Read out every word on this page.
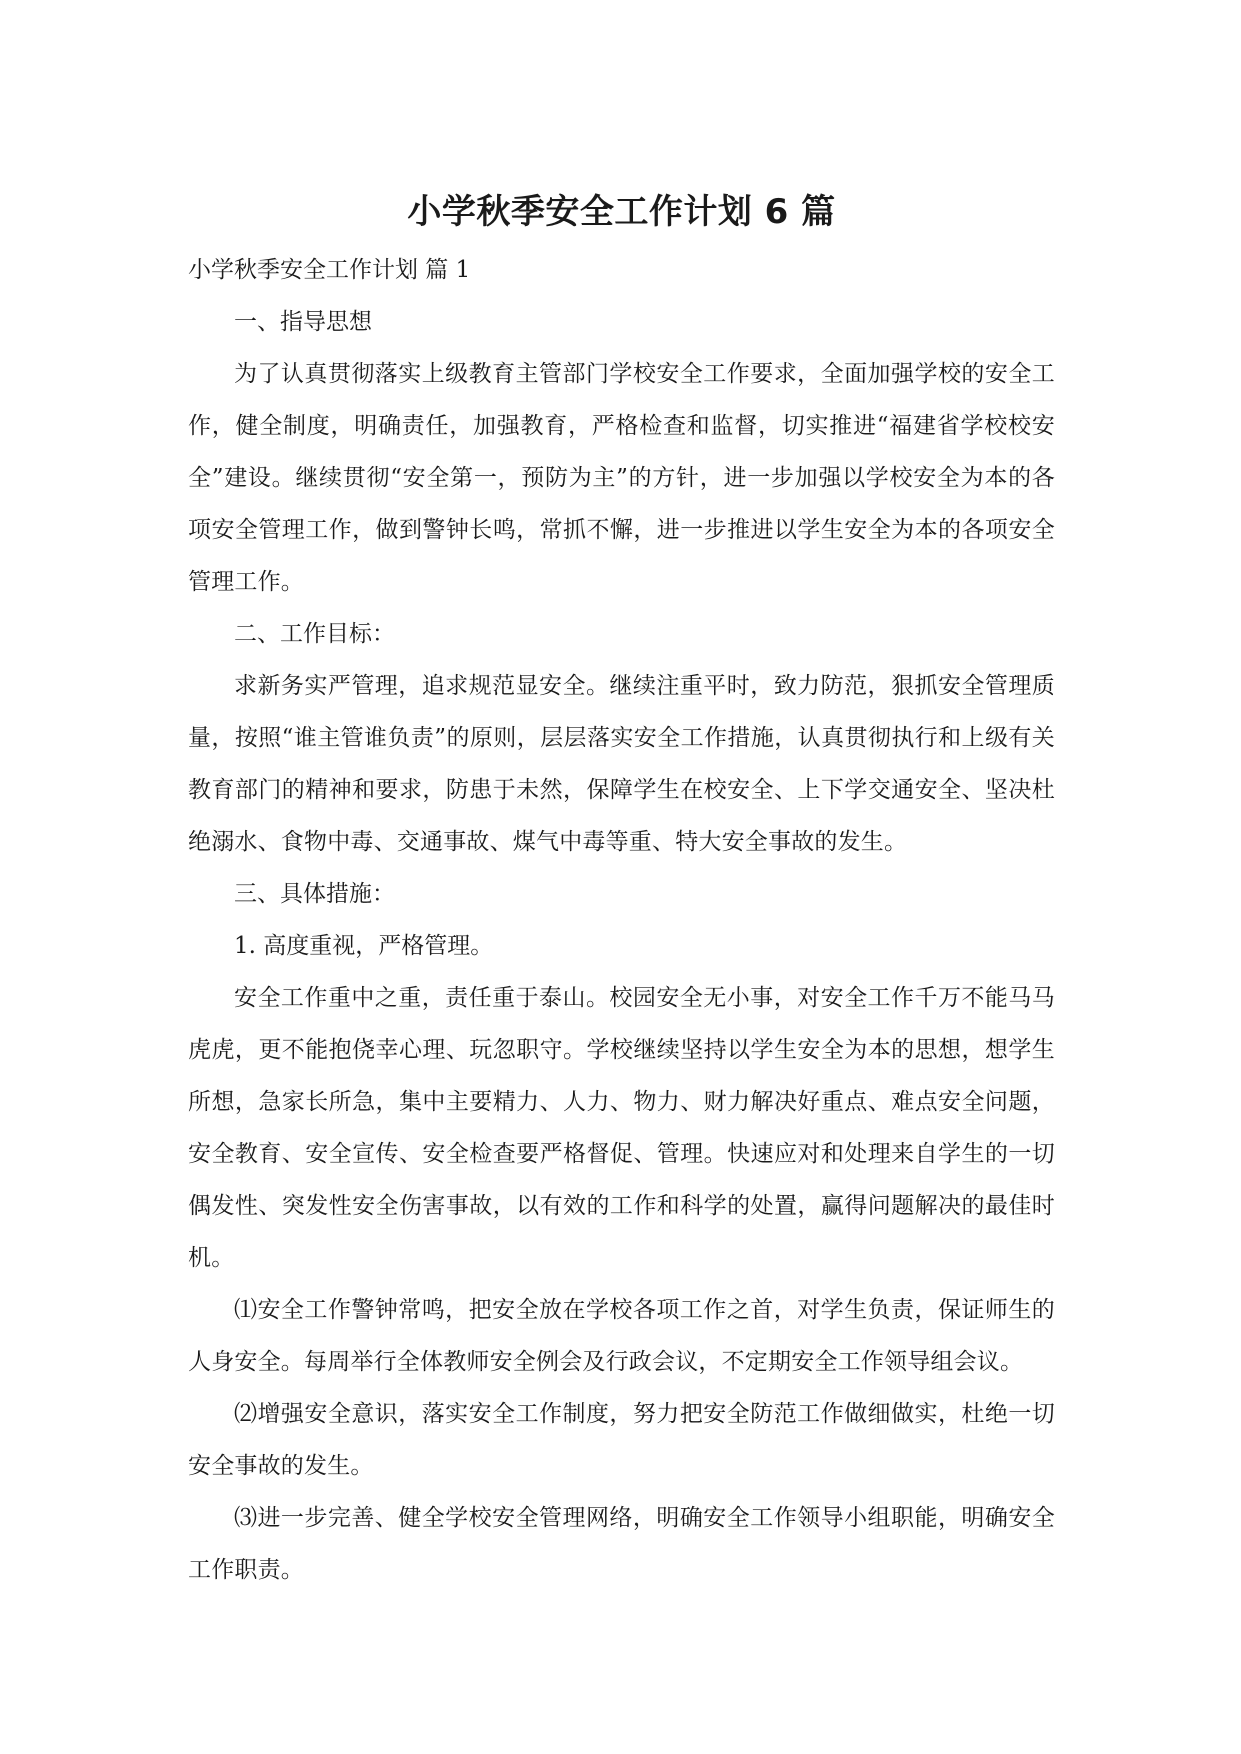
小学秋季安全工作计划 6 篇

小学秋季安全工作计划 篇 1

一、指导思想

为了认真贯彻落实上级教育主管部门学校安全工作要求，全面加强学校的安全工作，健全制度，明确责任，加强教育，严格检查和监督，切实推进“福建省学校校安全”建设。继续贯彻“安全第一，预防为主”的方针，进一步加强以学校安全为本的各项安全管理工作，做到警钟长鸣，常抓不懈，进一步推进以学生安全为本的各项安全管理工作。

二、工作目标：

求新务实严管理，追求规范显安全。继续注重平时，致力防范，狠抓安全管理质量，按照“谁主管谁负责”的原则，层层落实安全工作措施，认真贯彻执行和上级有关教育部门的精神和要求，防患于未然，保障学生在校安全、上下学交通安全、坚决杜绝溺水、食物中毒、交通事故、煤气中毒等重、特大安全事故的发生。

三、具体措施：

1. 高度重视，严格管理。

安全工作重中之重，责任重于泰山。校园安全无小事，对安全工作千万不能马马虎虎，更不能抱侥幸心理、玩忽职守。学校继续坚持以学生安全为本的思想，想学生所想，急家长所急，集中主要精力、人力、物力、财力解决好重点、难点安全问题，安全教育、安全宣传、安全检查要严格督促、管理。快速应对和处理来自学生的一切偶发性、突发性安全伤害事故，以有效的工作和科学的处置，赢得问题解决的最佳时机。

⑴安全工作警钟常鸣，把安全放在学校各项工作之首，对学生负责，保证师生的人身安全。每周举行全体教师安全例会及行政会议，不定期安全工作领导组会议。

⑵增强安全意识，落实安全工作制度，努力把安全防范工作做细做实，杜绝一切安全事故的发生。

⑶进一步完善、健全学校安全管理网络，明确安全工作领导小组职能，明确安全工作职责。
